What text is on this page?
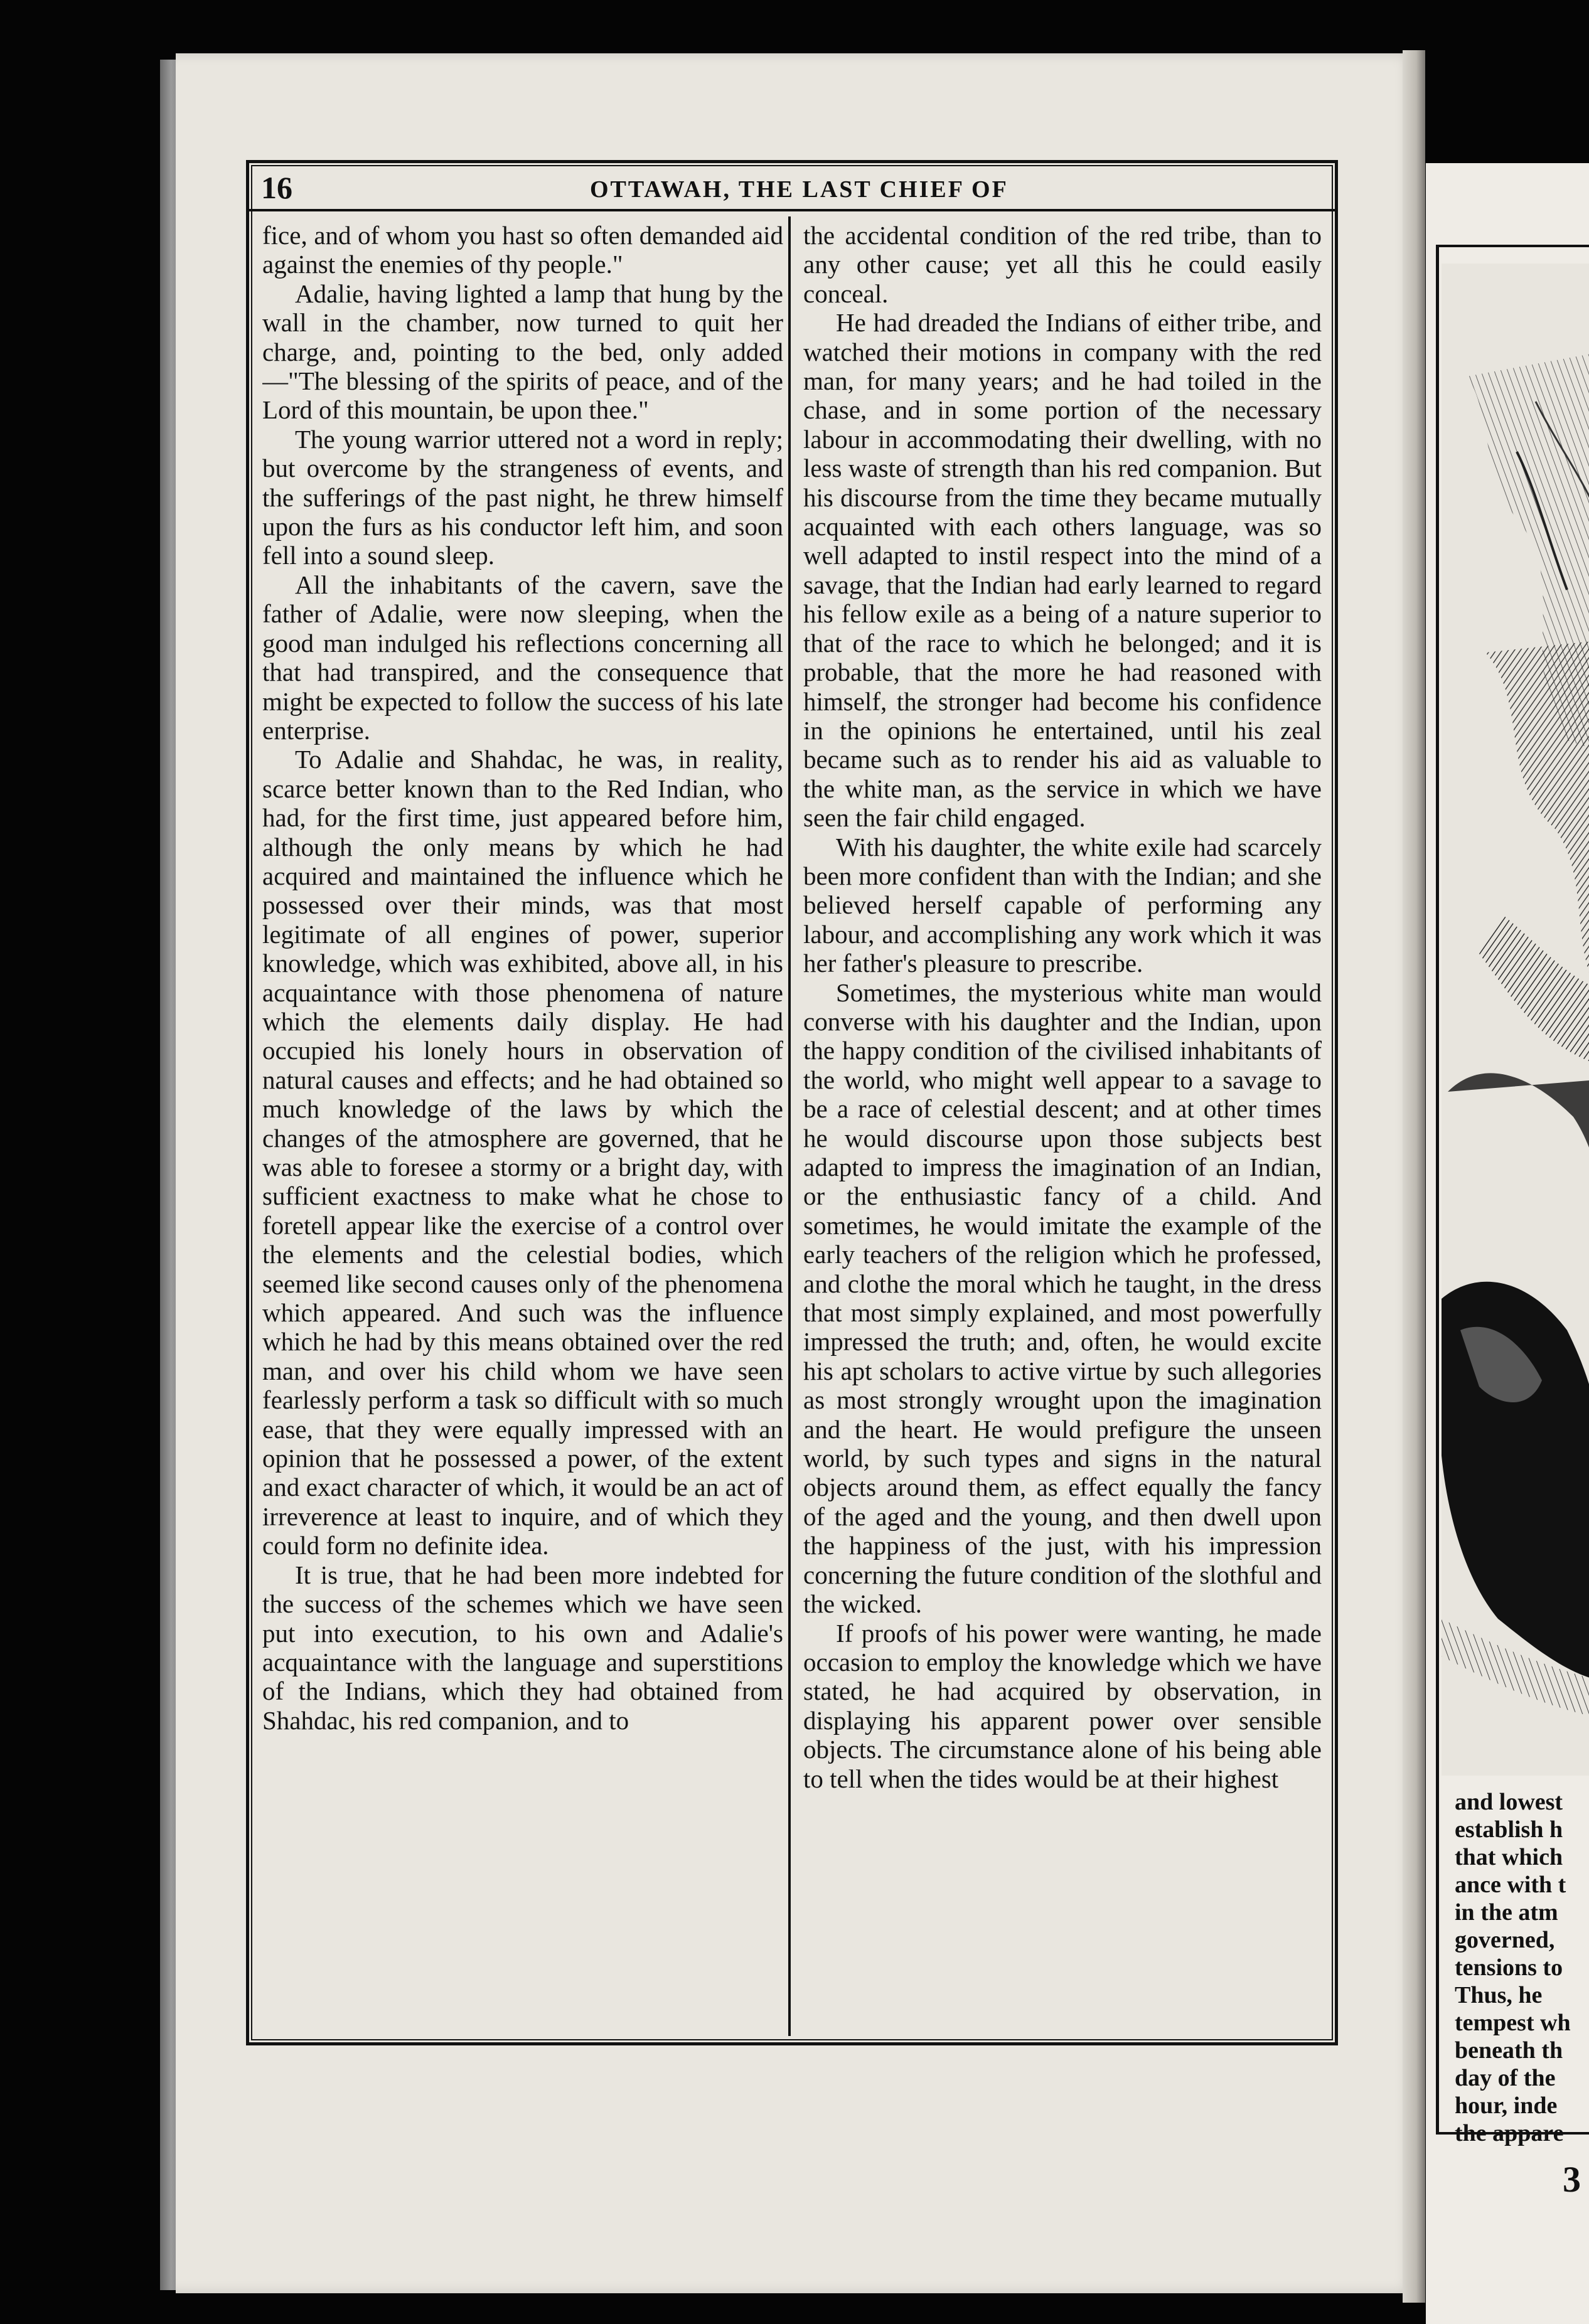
16	OTTAWAH, THE LAST CHIEF OF

fice, and of whom you hast so often demanded aid against the enemies of thy people."

Adalie, having lighted a lamp that hung by the wall in the chamber, now turned to quit her charge, and, pointing to the bed, only added—"The blessing of the spirits of peace, and of the Lord of this mountain, be upon thee."

The young warrior uttered not a word in reply; but overcome by the strangeness of events, and the sufferings of the past night, he threw himself upon the furs as his conductor left him, and soon fell into a sound sleep.

All the inhabitants of the cavern, save the father of Adalie, were now sleeping, when the good man indulged his reflections concerning all that had transpired, and the consequence that might be expected to follow the success of his late enterprise.

To Adalie and Shahdac, he was, in reality, scarce better known than to the Red Indian, who had, for the first time, just appeared before him, although the only means by which he had acquired and maintained the influence which he possessed over their minds, was that most legitimate of all engines of power, superior knowledge, which was exhibited, above all, in his acquaintance with those phenomena of nature which the elements daily display. He had occupied his lonely hours in observation of natural causes and effects; and he had obtained so much knowledge of the laws by which the changes of the atmosphere are governed, that he was able to foresee a stormy or a bright day, with sufficient exactness to make what he chose to foretell appear like the exercise of a control over the elements and the celestial bodies, which seemed like second causes only of the phenomena which appeared. And such was the influence which he had by this means obtained over the red man, and over his child whom we have seen fearlessly perform a task so difficult with so much ease, that they were equally impressed with an opinion that he possessed a power, of the extent and exact character of which, it would be an act of irreverence at least to inquire, and of which they could form no definite idea.

It is true, that he had been more indebted for the success of the schemes which we have seen put into execution, to his own and Adalie's acquaintance with the language and superstitions of the Indians, which they had obtained from Shahdac, his red companion, and to

the accidental condition of the red tribe, than to any other cause; yet all this he could easily conceal.

He had dreaded the Indians of either tribe, and watched their motions in company with the red man, for many years; and he had toiled in the chase, and in some portion of the necessary labour in accommodating their dwelling, with no less waste of strength than his red companion. But his discourse from the time they became mutually acquainted with each others language, was so well adapted to instil respect into the mind of a savage, that the Indian had early learned to regard his fellow exile as a being of a nature superior to that of the race to which he belonged; and it is probable, that the more he had reasoned with himself, the stronger had become his confidence in the opinions he entertained, until his zeal became such as to render his aid as valuable to the white man, as the service in which we have seen the fair child engaged.

With his daughter, the white exile had scarcely been more confident than with the Indian; and she believed herself capable of performing any labour, and accomplishing any work which it was her father's pleasure to prescribe.

Sometimes, the mysterious white man would converse with his daughter and the Indian, upon the happy condition of the civilised inhabitants of the world, who might well appear to a savage to be a race of celestial descent; and at other times he would discourse upon those subjects best adapted to impress the imagination of an Indian, or the enthusiastic fancy of a child. And sometimes, he would imitate the example of the early teachers of the religion which he professed, and clothe the moral which he taught, in the dress that most simply explained, and most powerfully impressed the truth; and, often, he would excite his apt scholars to active virtue by such allegories as most strongly wrought upon the imagination and the heart. He would prefigure the unseen world, by such types and signs in the natural objects around them, as effect equally the fancy of the aged and the young, and then dwell upon the happiness of the just, with his impression concerning the future condition of the slothful and the wicked.

If proofs of his power were wanting, he made occasion to employ the knowledge which we have stated, he had acquired by observation, in displaying his apparent power over sensible objects. The circumstance alone of his being able to tell when the tides would be at their highest

and lowest
establish h
that which
ance with t
in the atm
governed,
tensions to
Thus, he
tempest wh
beneath th
day of the
hour, inde
the appare
3
